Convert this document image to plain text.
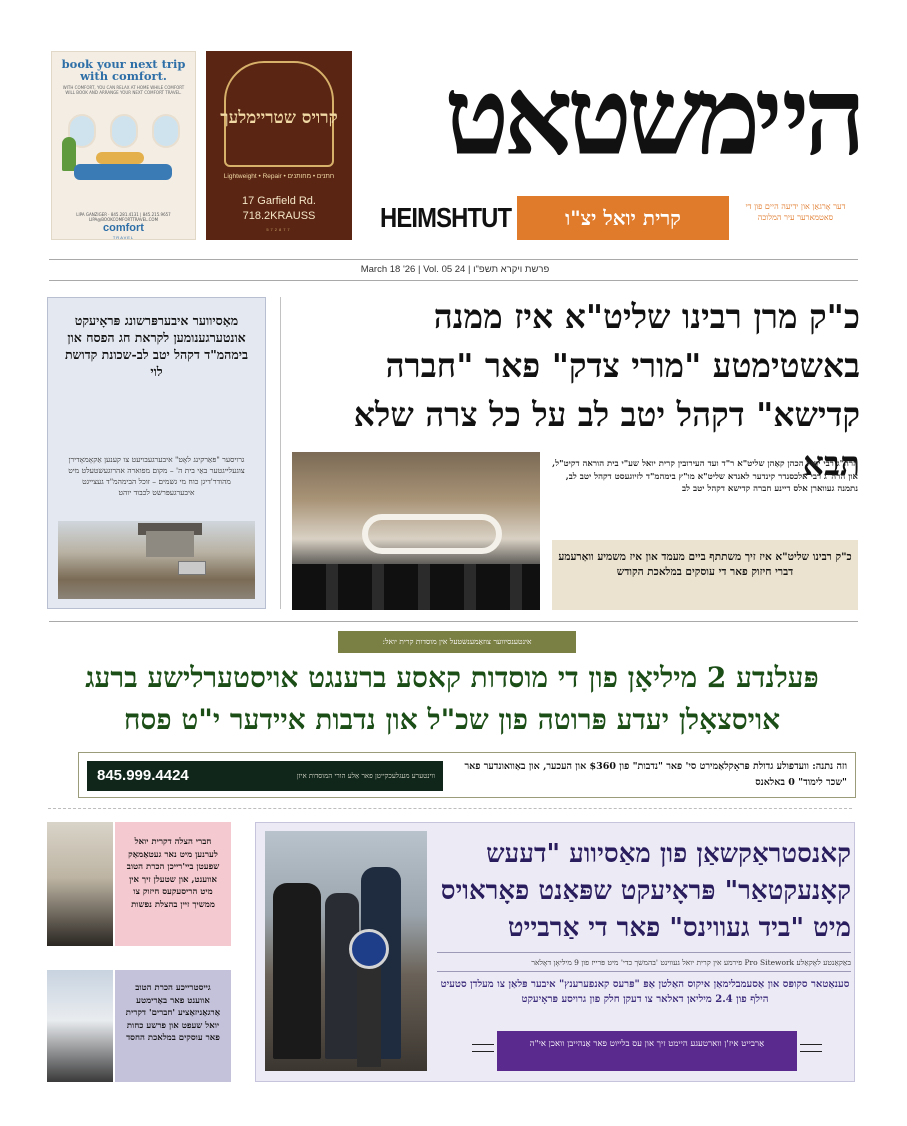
book your next trip with comfort.
WITH COMFORT, YOU CAN RELAX AT HOME WHILE COMFORT WILL BOOK AND ARRANGE YOUR NEXT COMFORT TRAVEL.
LIPA GANZIGER · 845.281.4131 | 845.215.9657 LIPA@BOOKCOMFORTTRAVEL.COM
comfort
TRAVEL
קרויס שטריימלעך
Lightweight • Repair • חתנים • מחותנים
17 Garfield Rd.
718.2KRAUSS
572877
הײמשטאט
HEIMSHTUT	קרית יואל יצ"ו	דער אָרגאַן און ידיעה היים פון די סאטמארער עיר המלוכה
March 18 '26 | Vol. 05 24 | פרשת ויקרא תשפ"ו
מאַסיווער איבערפּרשונג פּראָיעקט אונטערגענומען לקראת חג הפסח און בימהמ"ד דקהל יטב לב-שכונת קדושת לוי
גרויסער "פּאַרקינג לאָט" איבערגעבויעט צו קענען אַקאָמאָדירן צוגעלייגטער באַי בית ה' – מקום מפוארה אהרוגעשטעלט מיט מהודר'דיגן כוח מי גשמים – זוכל הבימהמ"ד געצייגט איבערגעפּרשט לכבוד יוהט
כ"ק מרן רבינו שליט"א איז ממנה באשטימטע "מורי צדק" פאר "חברה קדישא" דקהל יטב לב על כל צרה שלא תבא
הרה"ג רבי יואל הכהן קאַהן שליט"א ר"ד ועד העירובין קרית יואל שע"י בית הוראה דקיט"ל, און הרה"ג רבי אלכסנדר קינדער לאנדא שליט"א מו"ץ בימהמ"ד לזיוגעסט דקהל יטב לב, נתמנה געווארן אלס דיינע חברה קדישא דקהל יטב לב
כ"ק רבינו שליט"א איז זיך משתתף ביים מעמד און איז משמיע וואַרעמע דברי חיזוק פאר די עוסקים במלאכת הקודש
אינטענסיווער צוזאַמענשטעל אין מוסדות קרית יואל:
פּעלנדע 2 מיליאָן פון די מוסדות קאסע ברענגט אויסטערלישע ברעג אויסצאָלן יעדע פּרוטה פון שכ"ל און נדבות איידער י"ט פסח
845.999.4424	ווינטערע מעגלעכקייטן פאר אַלע הורי המוסדות איזן
וזה נתנה: וועדפולע גדולת פּראָקלאַמירט סי' פאר "נדבות" פון $360 און העכער, און באַוואונדער פאר "שכר לימוד" 0 באלאנס
חברי הצלה דקרית יואל לערנען מיט נאר געטאַמאַק שפעטן ביי'רייכן הכרת הטוב אווענט, און שטעלן זיך אין מיט הריסעקעס חיזוק צו ממשיך זיין בהצלת נפשות
גייסטרייכע הכרת הטוב אווענט פאר באַרימטע אַרגאַניזאַציע 'חברים' דקרית יואל שעפט און פרשע כחות פאר עוסקים במלאכת החסד
קאנסטראַקשאַן פון מאַסיווע "דעעש קאָנעקטאַר" פּראָיעקט שפּאַנט פאָראויס מיט "ביד געווינס" פאר די אַרבייט
באַקאַנטע לאָקאַלע Pro Sitework פירמע אין קרית יואל געווינט 'בהמשך כדי' מיט פּרייז פון 9 מיליאָן דאָלאר
סענאַטאר סקופּס און אַסעמבלימאַן איקוס האַלטן אַפּ "פּרעס קאנפערענץ" איבער פּלאַן צו מעלדן סטעיט הילף פון 2.4 מיליאן דאלאר צו דעקן חלק פון גרויסע פּראָיעקט
אַרבייט איז'ן ווארטעגע היימט זיך און עס בלייוט פאר אַנהייבן וואכן אי"ה
